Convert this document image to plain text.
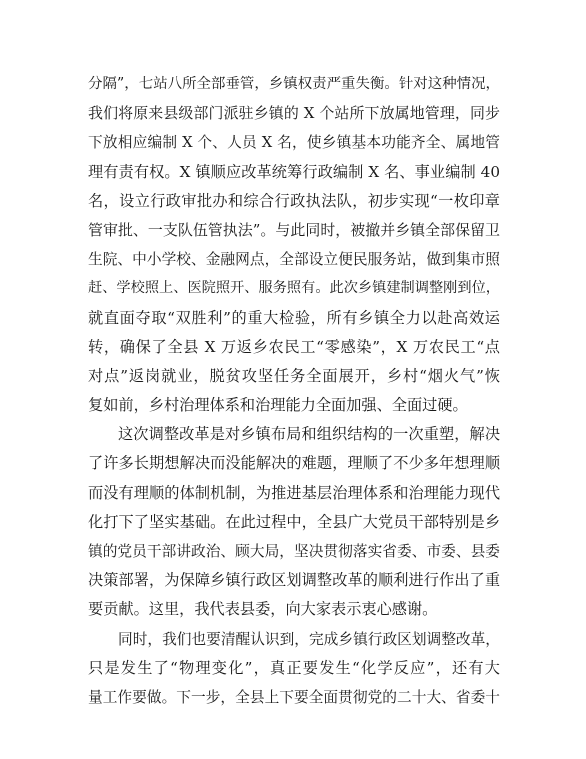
分隔”，七站八所全部垂管，乡镇权责严重失衡。针对这种情况，
我们将原来县级部门派驻乡镇的 X 个站所下放属地管理，同步
下放相应编制 X 个、人员 X 名，使乡镇基本功能齐全、属地管
理有责有权。X 镇顺应改革统筹行政编制 X 名、事业编制 40
名，设立行政审批办和综合行政执法队，初步实现“一枚印章
管审批、一支队伍管执法”。与此同时，被撤并乡镇全部保留卫
生院、中小学校、金融网点，全部设立便民服务站，做到集市照
赶、学校照上、医院照开、服务照有。此次乡镇建制调整刚到位，
就直面夺取“双胜利”的重大检验，所有乡镇全力以赴高效运
转，确保了全县 X 万返乡农民工“零感染”，X 万农民工“点
对点”返岗就业，脱贫攻坚任务全面展开，乡村“烟火气”恢
复如前，乡村治理体系和治理能力全面加强、全面过硬。
这次调整改革是对乡镇布局和组织结构的一次重塑，解决
了许多长期想解决而没能解决的难题，理顺了不少多年想理顺
而没有理顺的体制机制，为推进基层治理体系和治理能力现代
化打下了坚实基础。在此过程中，全县广大党员干部特别是乡
镇的党员干部讲政治、顾大局，坚决贯彻落实省委、市委、县委
决策部署，为保障乡镇行政区划调整改革的顺利进行作出了重
要贡献。这里，我代表县委，向大家表示衷心感谢。
同时，我们也要清醒认识到，完成乡镇行政区划调整改革，
只是发生了“物理变化”，真正要发生“化学反应”，还有大
量工作要做。下一步，全县上下要全面贯彻党的二十大、省委十
